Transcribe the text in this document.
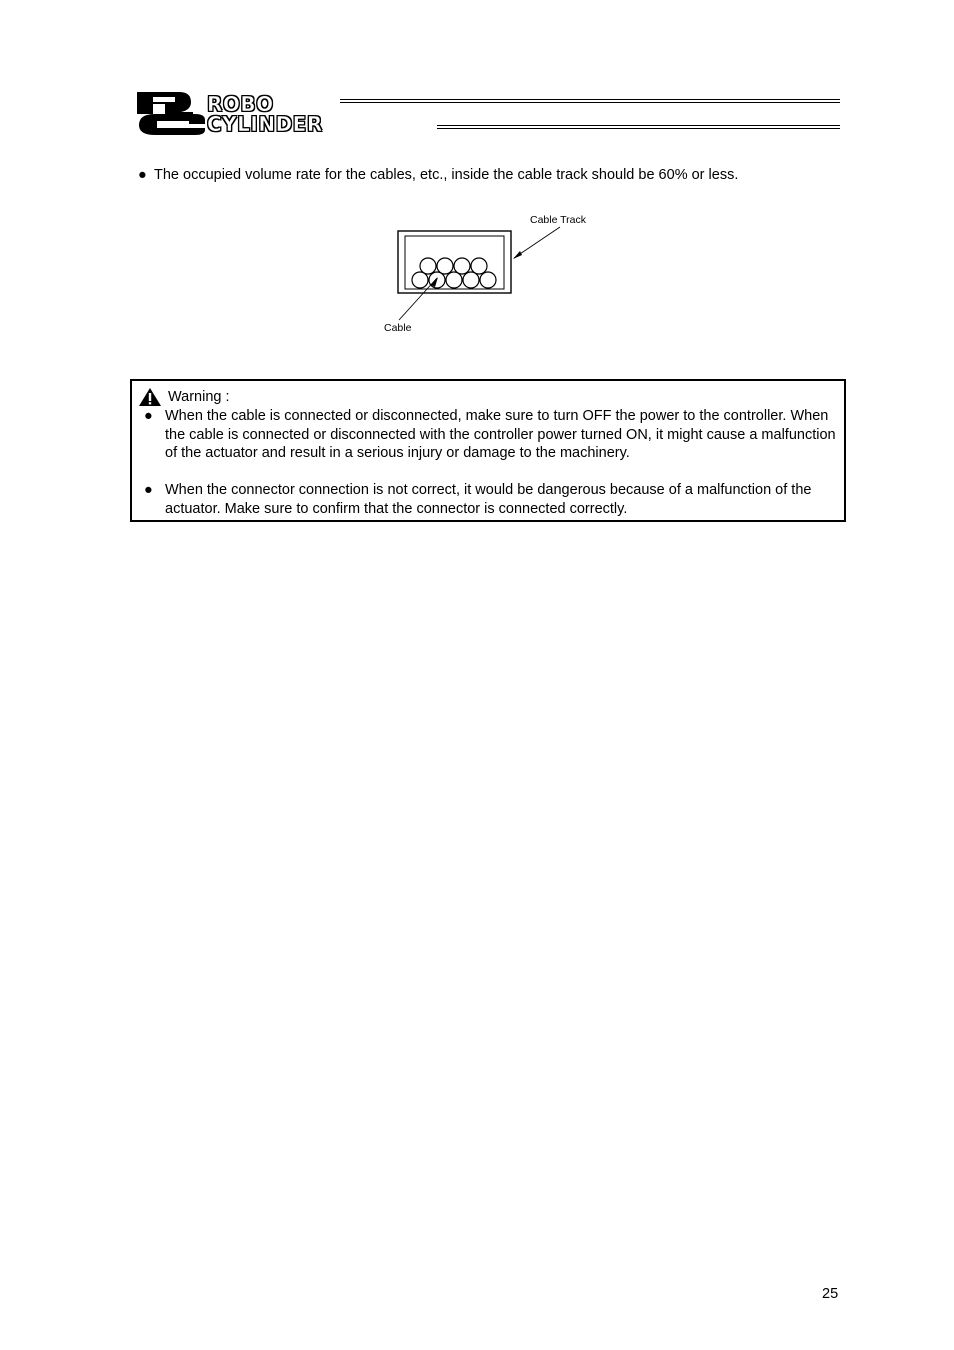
ROBO
CYLINDER
● The occupied volume rate for the cables, etc., inside the cable track should be 60% or less.
Cable Track
Cable
Warning :
● When the cable is connected or disconnected, make sure to turn OFF the power to the controller. When the cable is connected or disconnected with the controller power turned ON, it might cause a malfunction of the actuator and result in a serious injury or damage to the machinery.
● When the connector connection is not correct, it would be dangerous because of a malfunction of the actuator. Make sure to confirm that the connector is connected correctly.
25
